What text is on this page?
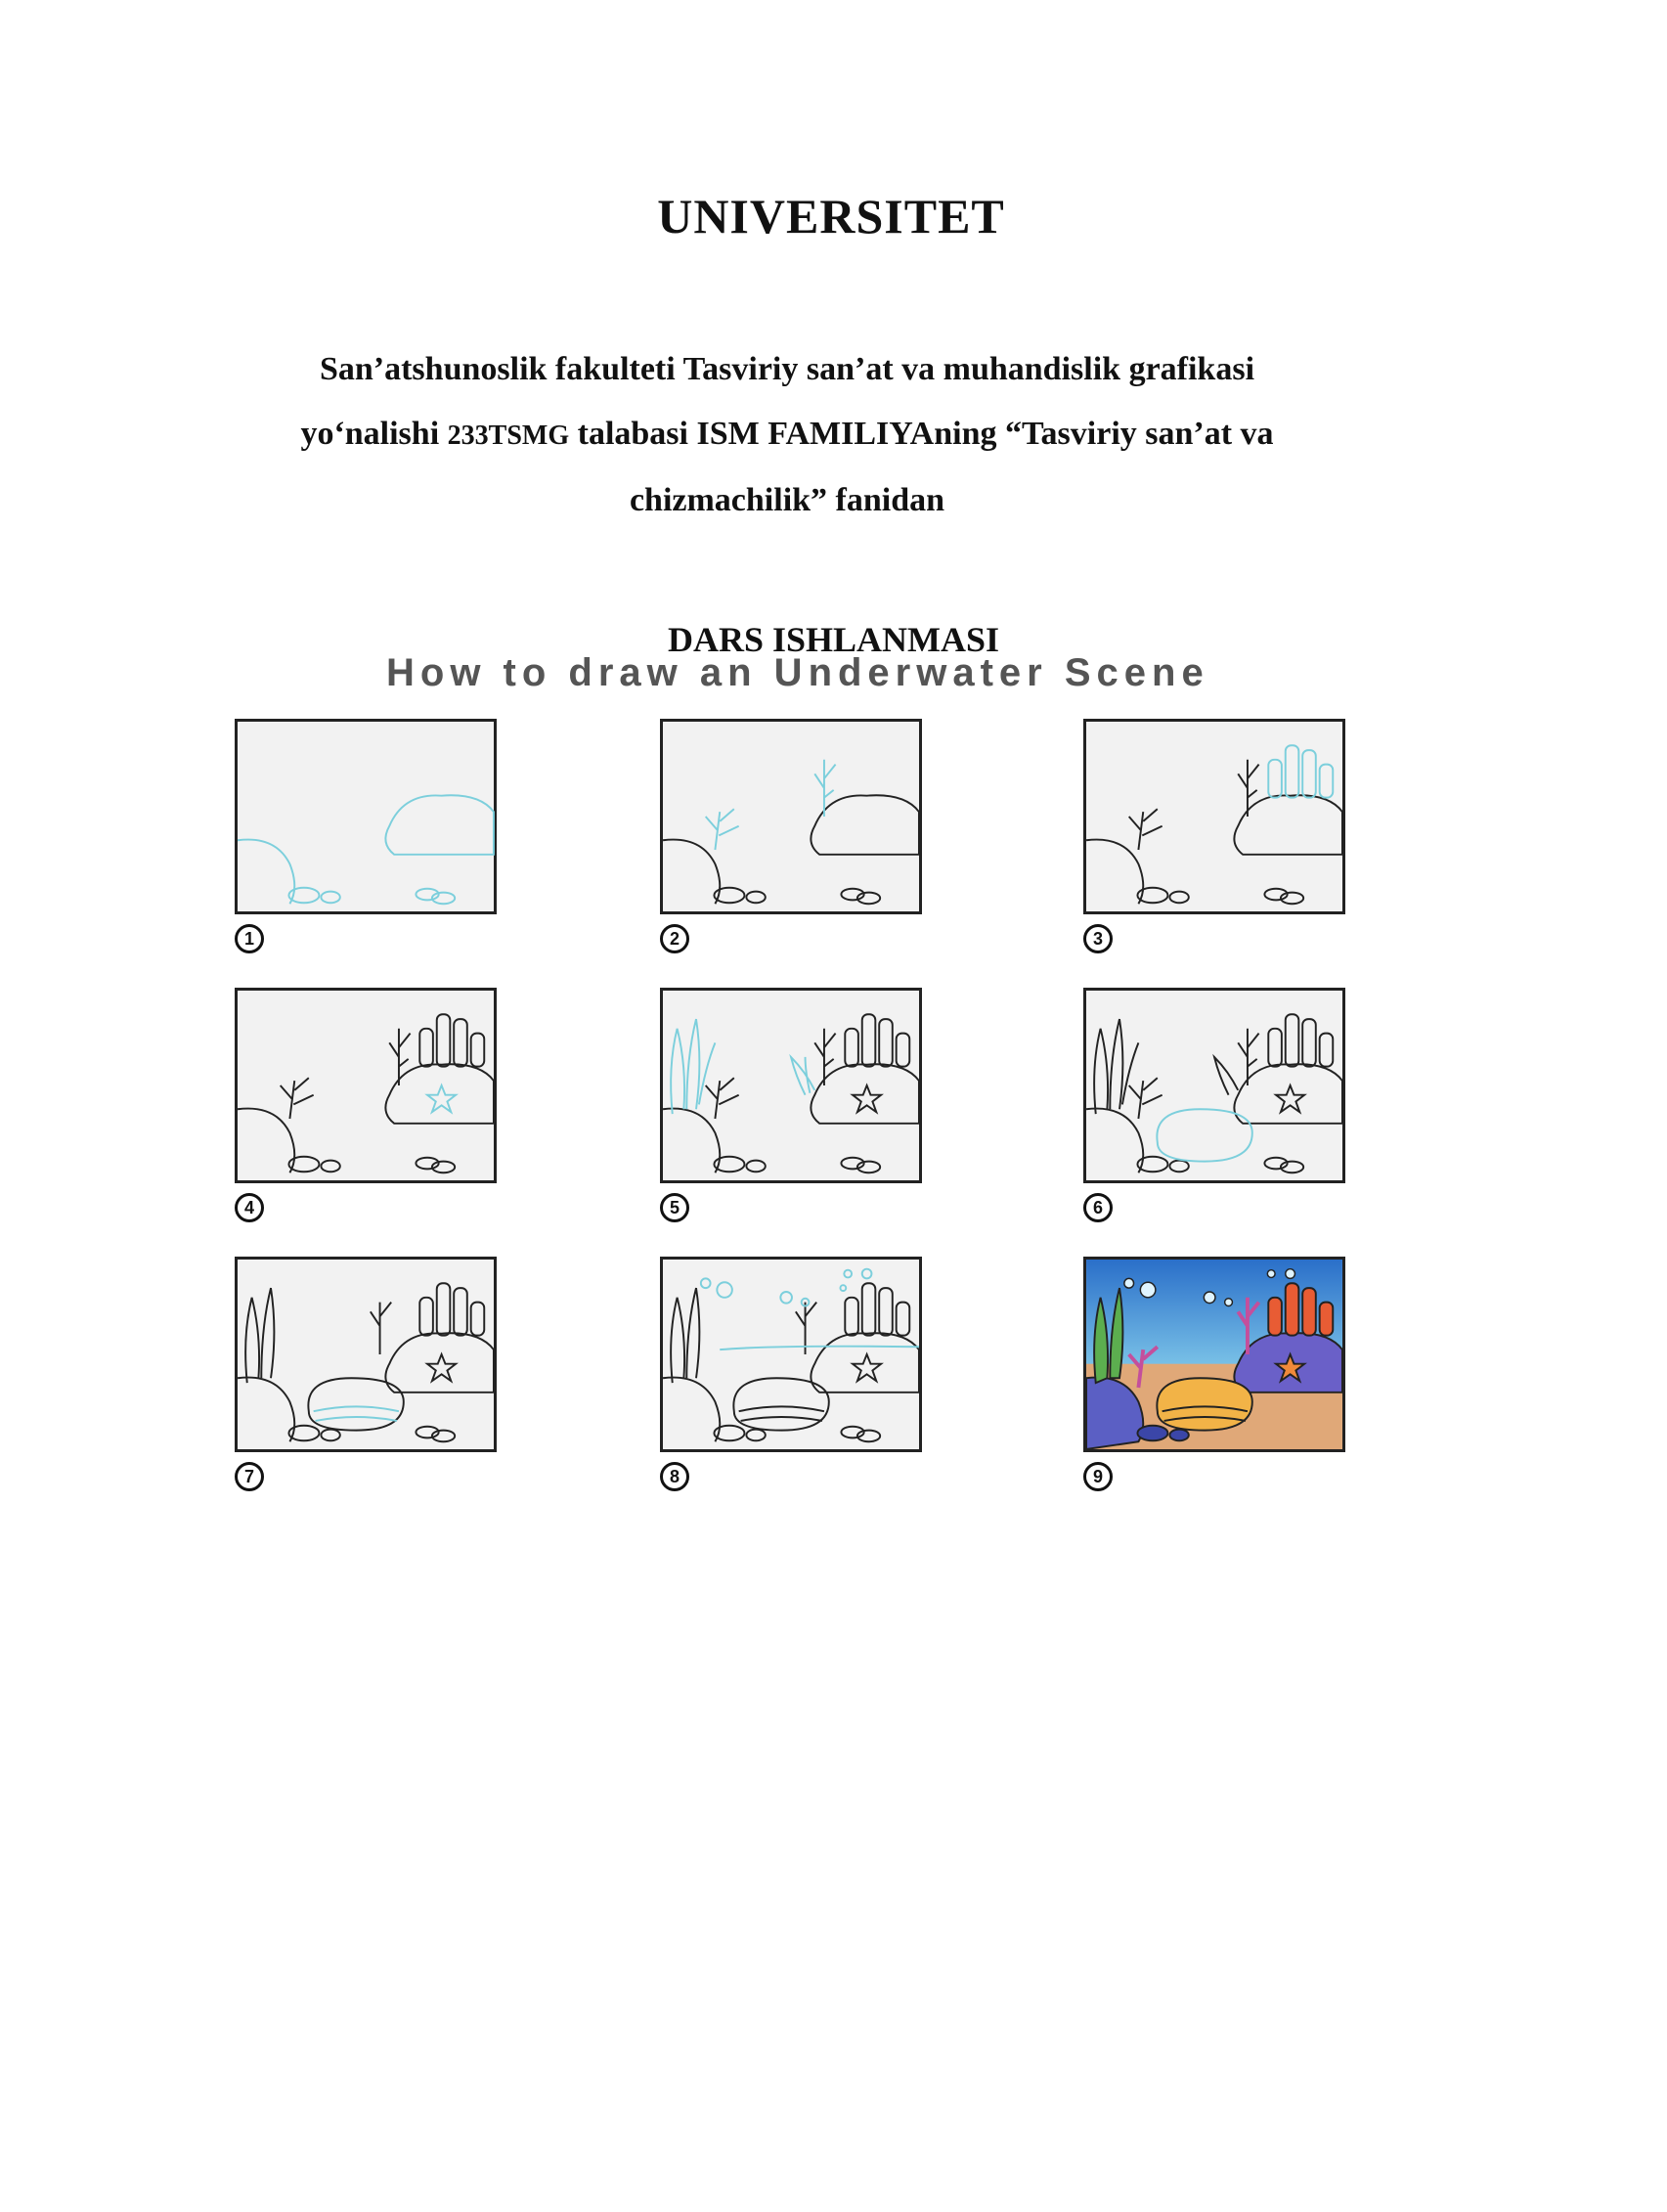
UNIVERSITET
San’atshunoslik fakulteti Tasviriy san’at va muhandislik grafikasi
yo‘nalishi 233TSMG talabasi ISM FAMILIYAning “Tasviriy san’at va
chizmachilik” fanidan
DARS ISHLANMASI
How to draw an Underwater Scene
1	2	3
4	5	6
7	8	9
